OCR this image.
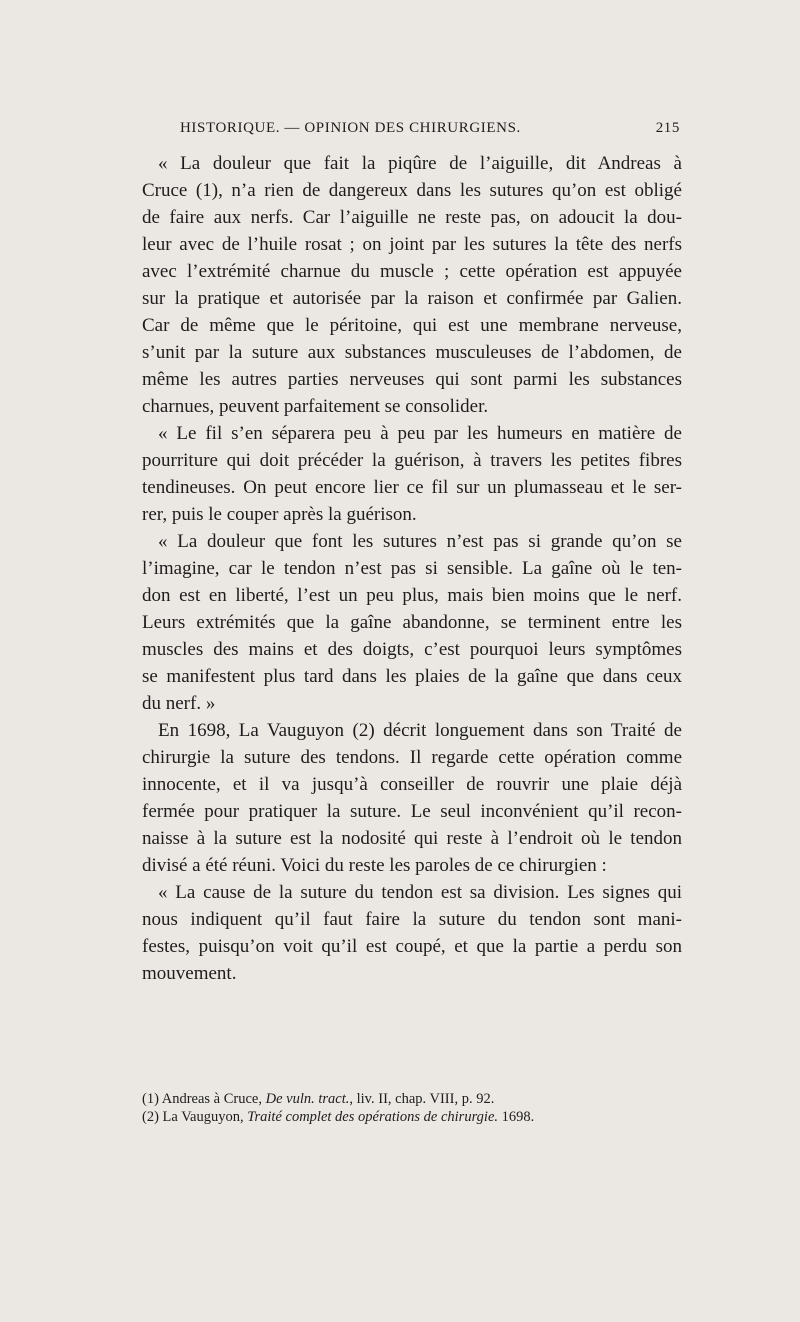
HISTORIQUE. — OPINION DES CHIRURGIENS.	215
« La douleur que fait la piqûre de l’aiguille, dit Andreas à
Cruce (1), n’a rien de dangereux dans les sutures qu’on est obligé
de faire aux nerfs. Car l’aiguille ne reste pas, on adoucit la dou-
leur avec de l’huile rosat ; on joint par les sutures la tête des nerfs
avec l’extrémité charnue du muscle ; cette opération est appuyée
sur la pratique et autorisée par la raison et confirmée par Galien.
Car de même que le péritoine, qui est une membrane nerveuse,
s’unit par la suture aux substances musculeuses de l’abdomen, de
même les autres parties nerveuses qui sont parmi les substances
charnues, peuvent parfaitement se consolider.
« Le fil s’en séparera peu à peu par les humeurs en matière de
pourriture qui doit précéder la guérison, à travers les petites fibres
tendineuses. On peut encore lier ce fil sur un plumasseau et le ser-
rer, puis le couper après la guérison.
« La douleur que font les sutures n’est pas si grande qu’on se
l’imagine, car le tendon n’est pas si sensible. La gaîne où le ten-
don est en liberté, l’est un peu plus, mais bien moins que le nerf.
Leurs extrémités que la gaîne abandonne, se terminent entre les
muscles des mains et des doigts, c’est pourquoi leurs symptômes
se manifestent plus tard dans les plaies de la gaîne que dans ceux
du nerf. »
En 1698, La Vauguyon (2) décrit longuement dans son Traité de
chirurgie la suture des tendons. Il regarde cette opération comme
innocente, et il va jusqu’à conseiller de rouvrir une plaie déjà
fermée pour pratiquer la suture. Le seul inconvénient qu’il recon-
naisse à la suture est la nodosité qui reste à l’endroit où le tendon
divisé a été réuni. Voici du reste les paroles de ce chirurgien :
« La cause de la suture du tendon est sa division. Les signes qui
nous indiquent qu’il faut faire la suture du tendon sont mani-
festes, puisqu’on voit qu’il est coupé, et que la partie a perdu son
mouvement.
(1) Andreas à Cruce, De vuln. tract., liv. II, chap. VIII, p. 92.
(2) La Vauguyon, Traité complet des opérations de chirurgie. 1698.
